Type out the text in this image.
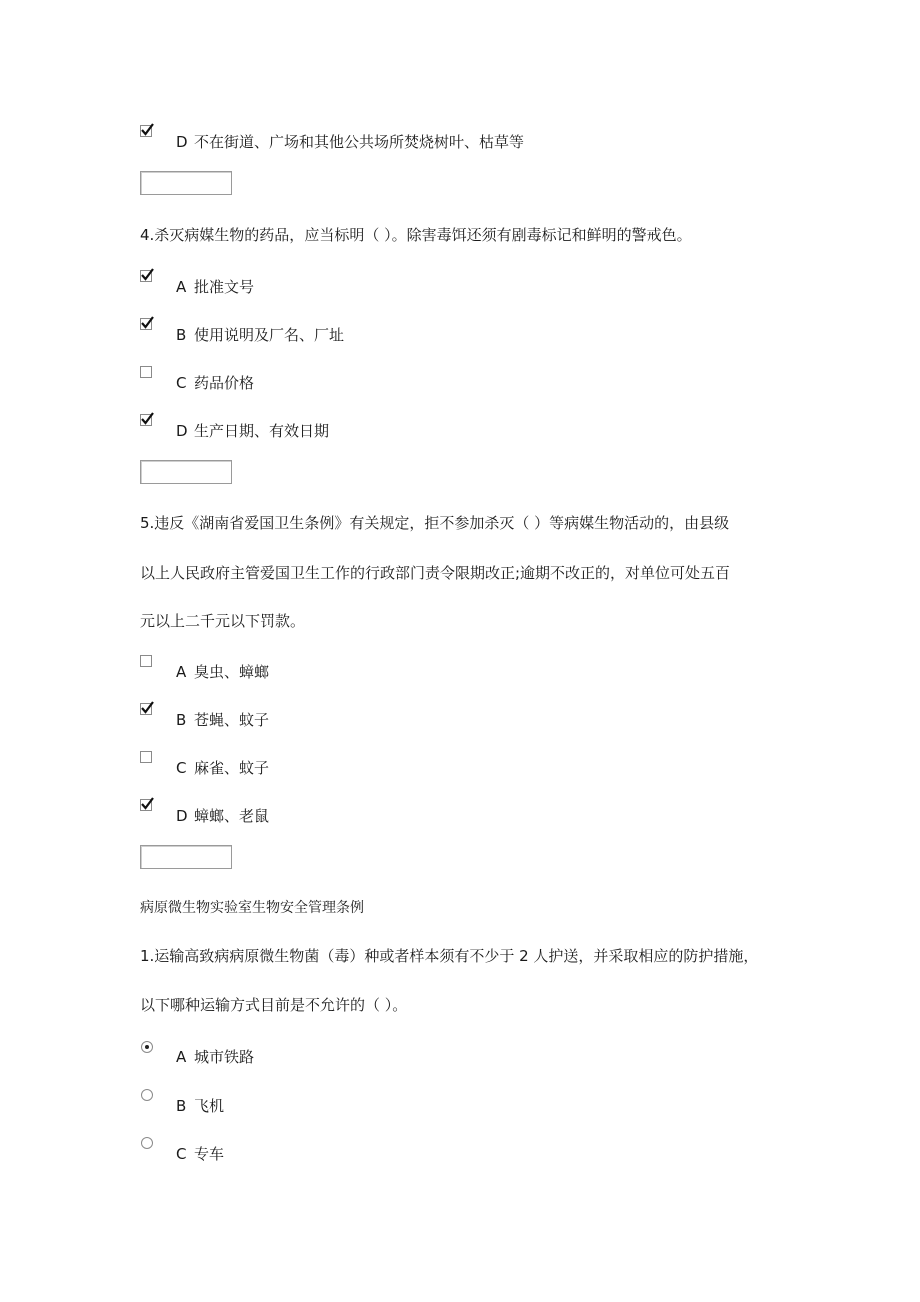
D 不在街道、广场和其他公共场所焚烧树叶、枯草等
4.杀灭病媒生物的药品，应当标明（ ）。除害毒饵还须有剧毒标记和鲜明的警戒色。
A 批准文号
B 使用说明及厂名、厂址
C 药品价格
D 生产日期、有效日期
5.违反《湖南省爱国卫生条例》有关规定，拒不参加杀灭（ ）等病媒生物活动的，由县级
以上人民政府主管爱国卫生工作的行政部门责令限期改正;逾期不改正的，对单位可处五百
元以上二千元以下罚款。
A 臭虫、蟑螂
B 苍蝇、蚊子
C 麻雀、蚊子
D 蟑螂、老鼠
病原微生物实验室生物安全管理条例
1.运输高致病病原微生物菌（毒）种或者样本须有不少于 2 人护送，并采取相应的防护措施，
以下哪种运输方式目前是不允许的（ ）。
A 城市铁路
B 飞机
C 专车
